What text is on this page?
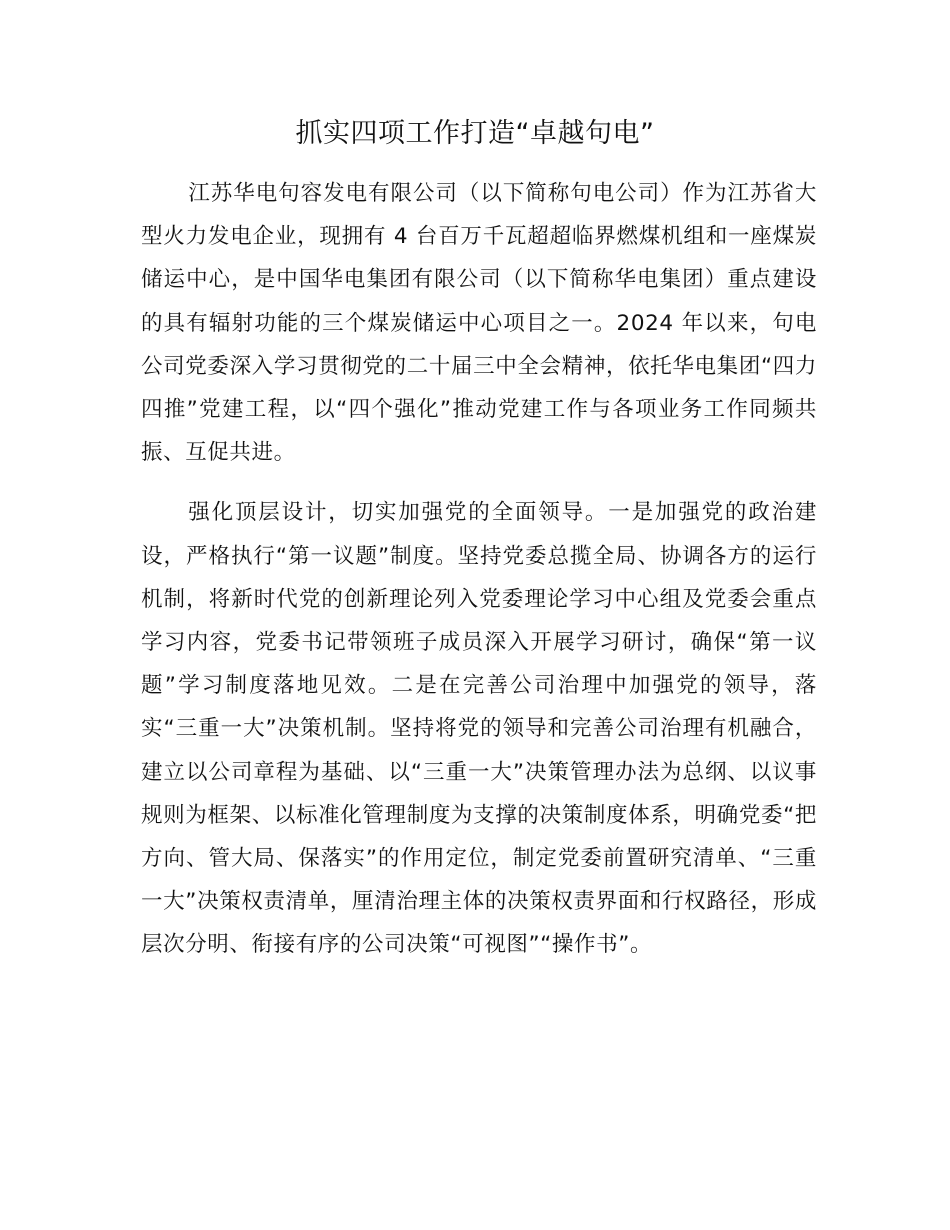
抓实四项工作打造“卓越句电”

江苏华电句容发电有限公司（以下简称句电公司）作为江苏省大型火力发电企业，现拥有 4 台百万千瓦超超临界燃煤机组和一座煤炭储运中心，是中国华电集团有限公司（以下简称华电集团）重点建设的具有辐射功能的三个煤炭储运中心项目之一。2024 年以来，句电公司党委深入学习贯彻党的二十届三中全会精神，依托华电集团“四力四推”党建工程，以“四个强化”推动党建工作与各项业务工作同频共振、互促共进。

强化顶层设计，切实加强党的全面领导。一是加强党的政治建设，严格执行“第一议题”制度。坚持党委总揽全局、协调各方的运行机制，将新时代党的创新理论列入党委理论学习中心组及党委会重点学习内容，党委书记带领班子成员深入开展学习研讨，确保“第一议题”学习制度落地见效。二是在完善公司治理中加强党的领导，落实“三重一大”决策机制。坚持将党的领导和完善公司治理有机融合，建立以公司章程为基础、以“三重一大”决策管理办法为总纲、以议事规则为框架、以标准化管理制度为支撑的决策制度体系，明确党委“把方向、管大局、保落实”的作用定位，制定党委前置研究清单、“三重一大”决策权责清单，厘清治理主体的决策权责界面和行权路径，形成层次分明、衔接有序的公司决策“可视图”“操作书”。
